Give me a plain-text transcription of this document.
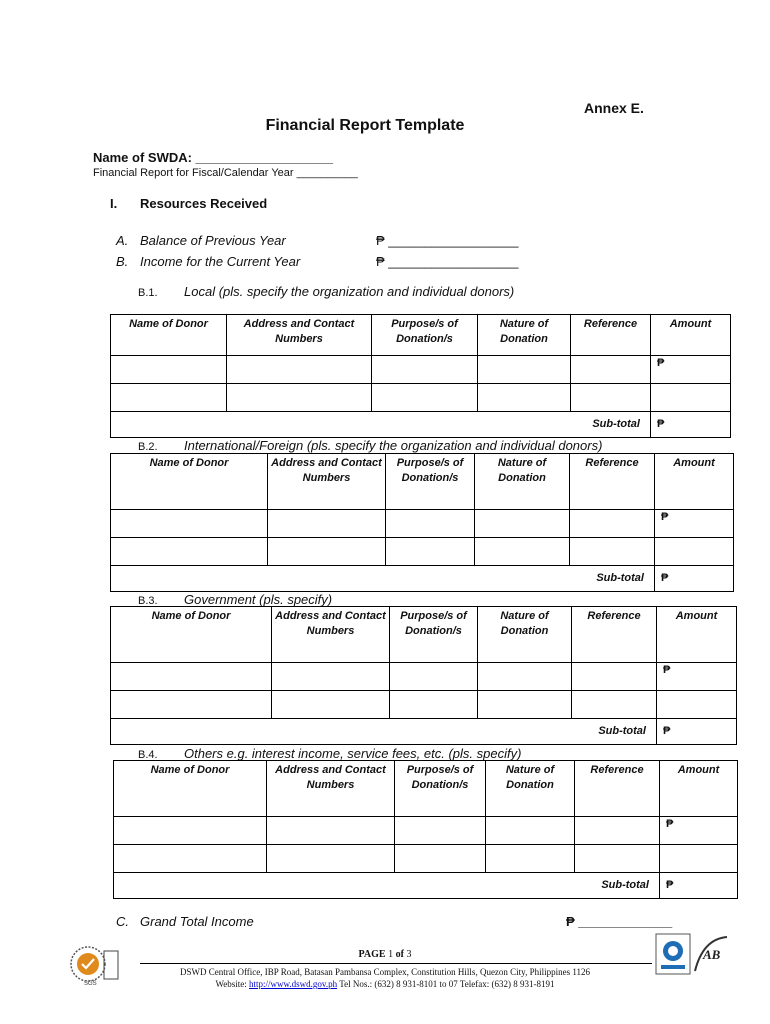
Annex E.
Financial Report Template
Name of SWDA: ___________________
Financial Report for Fiscal/Calendar Year __________
I. Resources Received
A. Balance of Previous Year	₱ __________________
B. Income for the Current Year	₱ __________________
B.1. Local (pls. specify the organization and individual donors)
Name of Donor	Address and Contact Numbers	Purpose/s of Donation/s	Nature of Donation	Reference	Amount
					₱

Sub-total					₱
B.2. International/Foreign (pls. specify the organization and individual donors)
Name of Donor	Address and Contact Numbers	Purpose/s of Donation/s	Nature of Donation	Reference	Amount
					₱

Sub-total					₱
B.3. Government (pls. specify)
Name of Donor	Address and Contact Numbers	Purpose/s of Donation/s	Nature of Donation	Reference	Amount
					₱

Sub-total					₱
B.4. Others e.g. interest income, service fees, etc. (pls. specify)
Name of Donor	Address and Contact Numbers	Purpose/s of Donation/s	Nature of Donation	Reference	Amount
					₱

Sub-total					₱
C. Grand Total Income	₱ _____________
SGS
PAGE 1 of 3
DSWD Central Office, IBP Road, Batasan Pambansa Complex, Constitution Hills, Quezon City, Philippines 1126
Website: http://www.dswd.gov.ph Tel Nos.: (632) 8 931-8101 to 07 Telefax: (632) 8 931-8191
AB
